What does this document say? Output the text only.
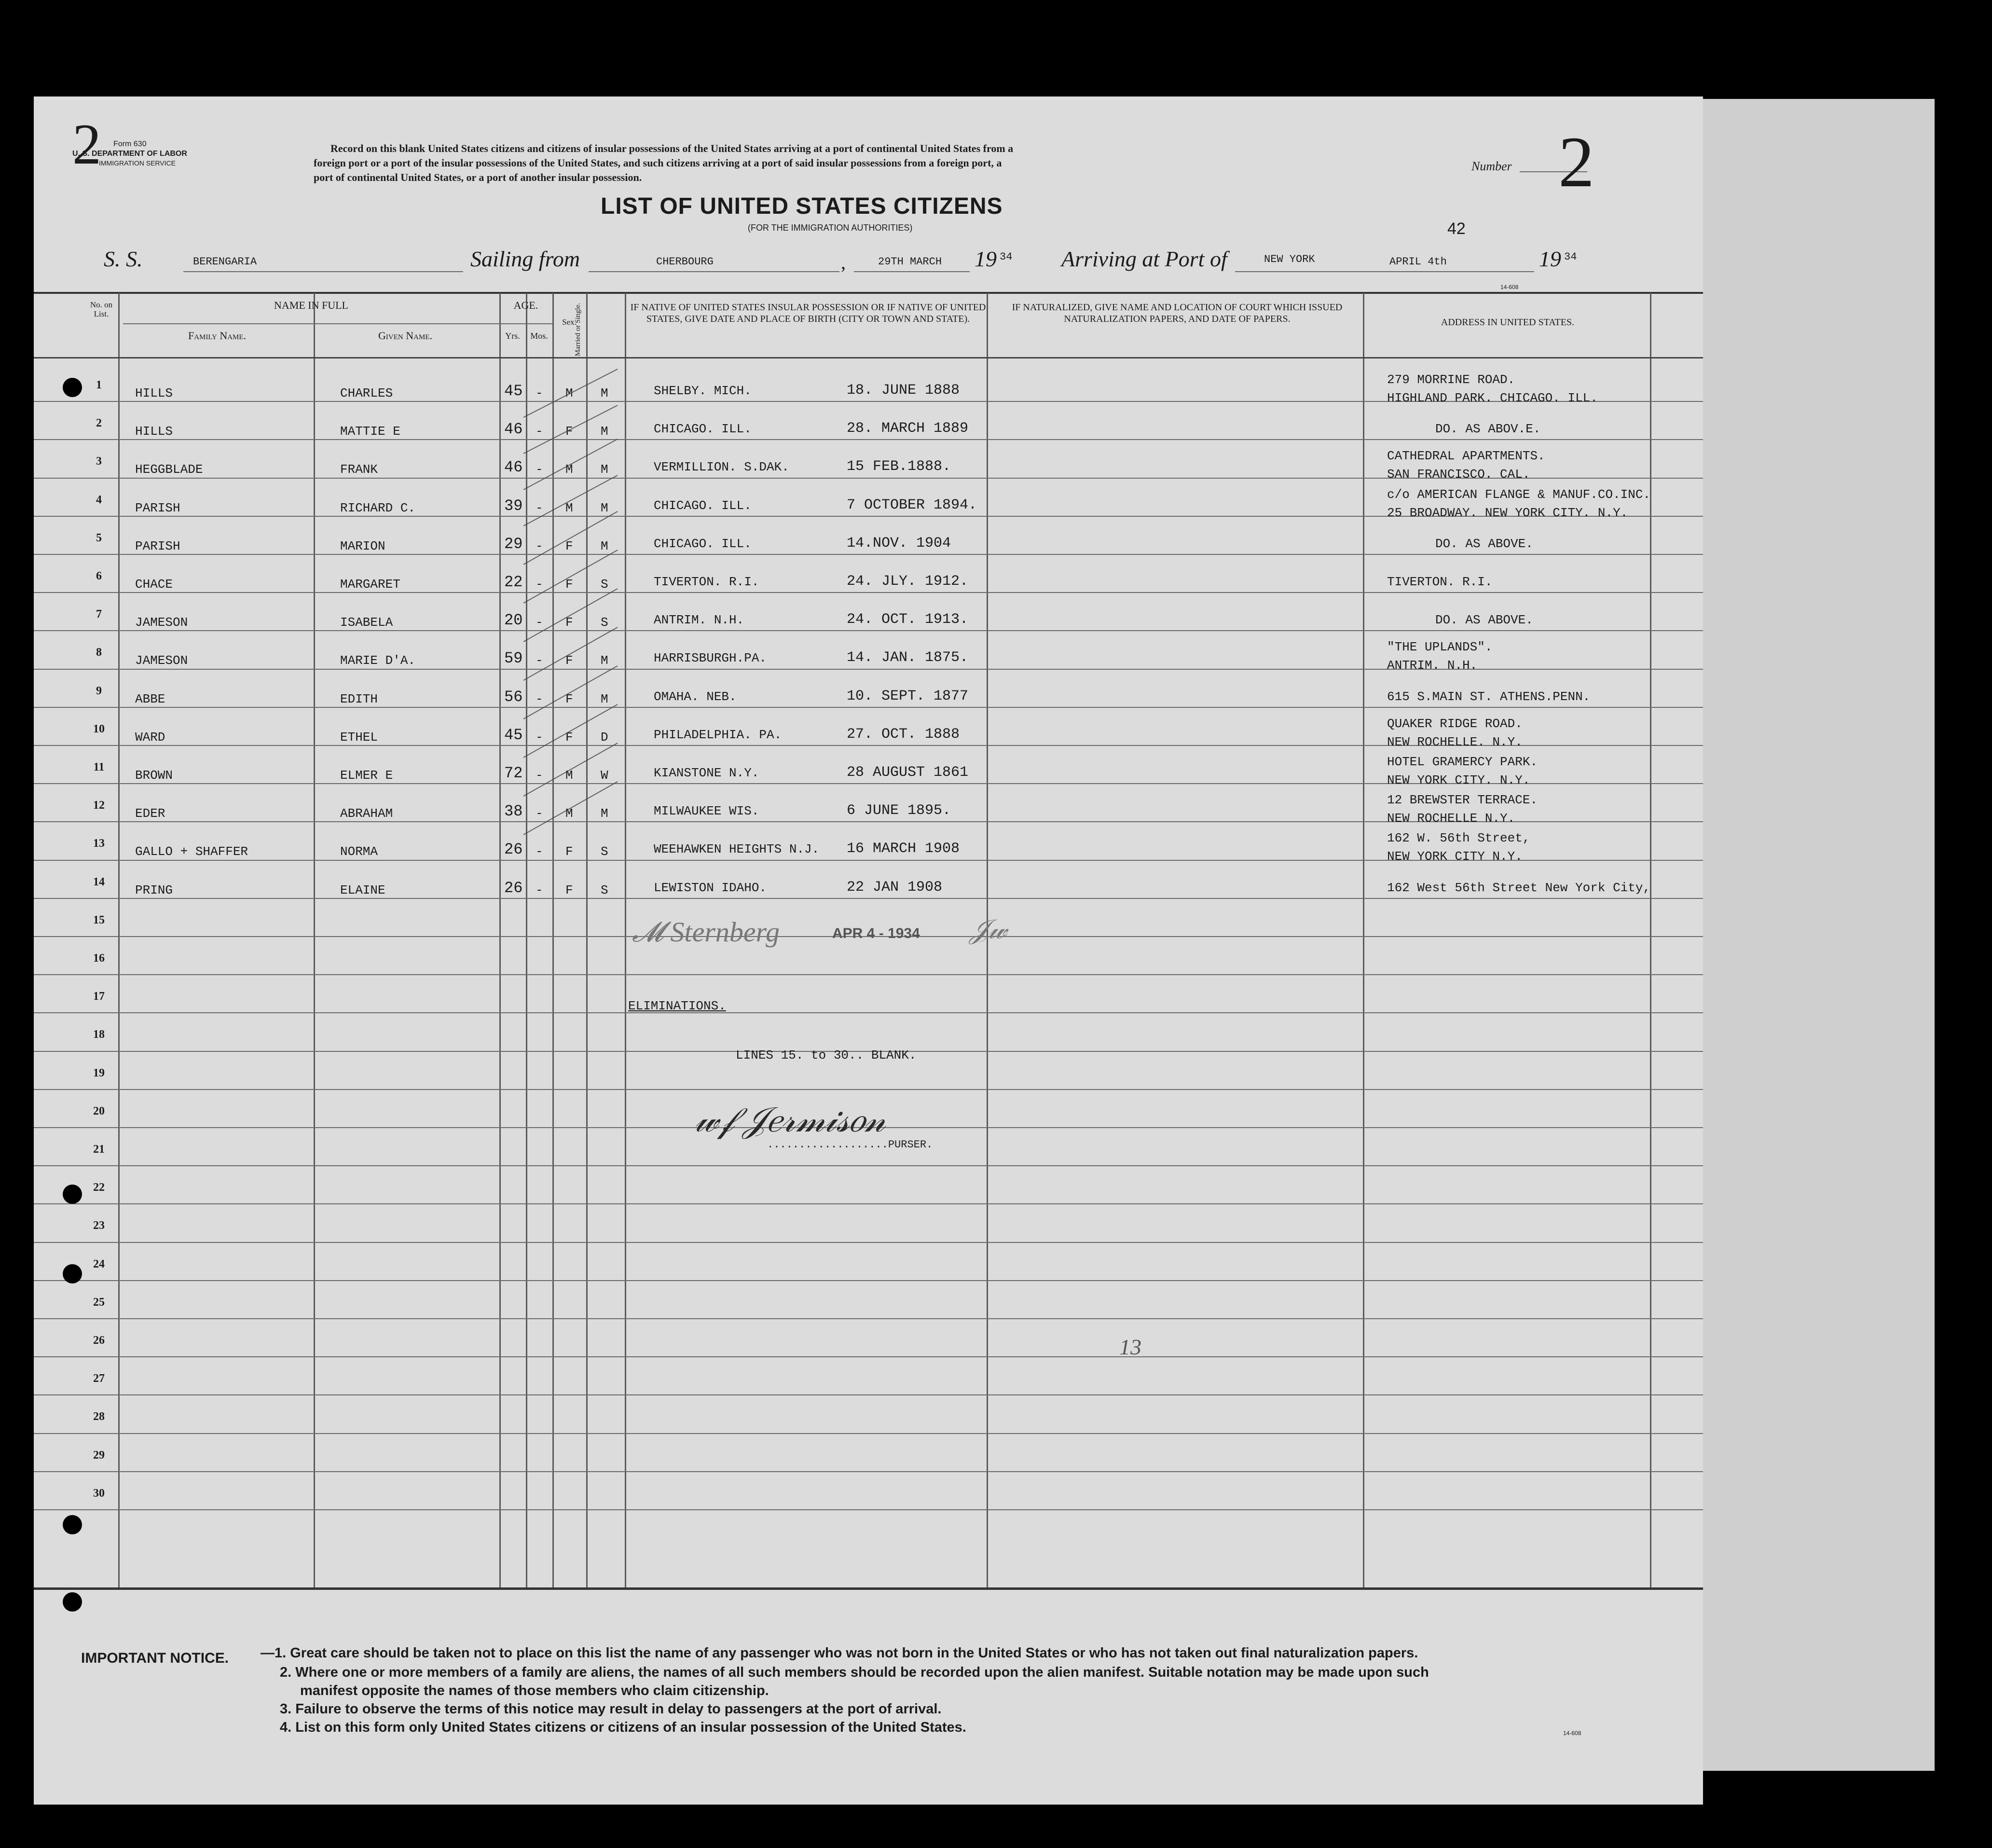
2 Form 630
U. S. DEPARTMENT OF LABOR
IMMIGRATION SERVICE
Record on this blank United States citizens and citizens of insular possessions of the United States arriving at a port of continental United States from a
foreign port or a port of the insular possessions of the United States, and such citizens arriving at a port of said insular possessions from a foreign port, a
port of continental United States, or a port of another insular possession.
LIST OF UNITED STATES CITIZENS
(FOR THE IMMIGRATION AUTHORITIES)
Number 2
42
S. S.	BERENGARIA	Sailing from	CHERBOURG	,	29TH MARCH 19 34 Arriving at Port of	NEW YORK	APRIL 4th	19 34
14-608
No. on List.
NAME IN FULL
Family Name.	Given Name.
AGE.
Yrs.	Mos.
Sex.
Married or Single.	IF NATIVE OF UNITED STATES INSULAR POSSESSION OR IF NATIVE OF UNITED STATES, GIVE DATE AND PLACE OF BIRTH (CITY OR TOWN AND STATE).
IF NATURALIZED, GIVE NAME AND LOCATION OF COURT WHICH ISSUED NATURALIZATION PAPERS, AND DATE OF PAPERS.	ADDRESS IN UNITED STATES.
1
HILLS	CHARLES	45 - M M	SHELBY. MICH.	18. JUNE 1888
279 MORRINE ROAD.
HIGHLAND PARK. CHICAGO. ILL.
2
HILLS	MATTIE E	46 - F M	CHICAGO. ILL.	28. MARCH 1889	DO. AS ABOV.E.
3
HEGGBLADE	FRANK	46 - M M	VERMILLION. S.DAK.	15 FEB.1888.
CATHEDRAL APARTMENTS.
SAN FRANCISCO. CAL.
4
PARISH	RICHARD C.	39 - M M	CHICAGO. ILL.	7 OCTOBER 1894.
c/o AMERICAN FLANGE & MANUF.CO.INC.
25 BROADWAY. NEW YORK CITY. N.Y.
5
PARISH	MARION	29 - F M	CHICAGO. ILL.	14.NOV. 1904	DO. AS ABOVE.
6
CHACE	MARGARET	22 - F S	TIVERTON. R.I.	24. JLY. 1912.	TIVERTON. R.I.
7
JAMESON	ISABELA	20 - F S	ANTRIM. N.H.	24. OCT. 1913.	DO. AS ABOVE.
8
JAMESON	MARIE D'A.	59 - F M	HARRISBURGH.PA.	14. JAN. 1875.
"THE UPLANDS".
ANTRIM. N.H.
9
ABBE	EDITH	56 - F M	OMAHA. NEB.	10. SEPT. 1877	615 S.MAIN ST. ATHENS.PENN.
10
WARD	ETHEL	45 - F D	PHILADELPHIA. PA.	27. OCT. 1888
QUAKER RIDGE ROAD.
NEW ROCHELLE. N.Y.
11
BROWN	ELMER E	72 - M W	KIANSTONE N.Y.	28 AUGUST 1861
HOTEL GRAMERCY PARK.
NEW YORK CITY. N.Y.
12
EDER	ABRAHAM	38 - M M	MILWAUKEE WIS.	6 JUNE 1895.
12 BREWSTER TERRACE.
NEW ROCHELLE N.Y.
13
GALLO + SHAFFER	NORMA	26 - F S	WEEHAWKEN HEIGHTS N.J. 16 MARCH 1908
162 W. 56th Street,
NEW YORK CITY N.Y.
14
PRING	ELAINE	26 - F S	LEWISTON IDAHO.	22 JAN 1908	162 West 56th Street New York City,
15
16
17
18
19
20
21
22
23
24
25
26
27
28
29
30
𝓜 Sternberg	APR 4 - 1934 𝒥𝓌
ELIMINATIONS.
LINES 15. to 30.. BLANK.
𝓌𝒻 𝒥𝑒𝓇𝓂𝒾𝓈𝑜𝓃
...................PURSER.
13
IMPORTANT NOTICE. —1. Great care should be taken not to place on this list the name of any passenger who was not born in the United States or who has not taken out final naturalization papers.
2. Where one or more members of a family are aliens, the names of all such members should be recorded upon the alien manifest. Suitable notation may be made upon such
manifest opposite the names of those members who claim citizenship.
3. Failure to observe the terms of this notice may result in delay to passengers at the port of arrival.
4. List on this form only United States citizens or citizens of an insular possession of the United States.	14-608
